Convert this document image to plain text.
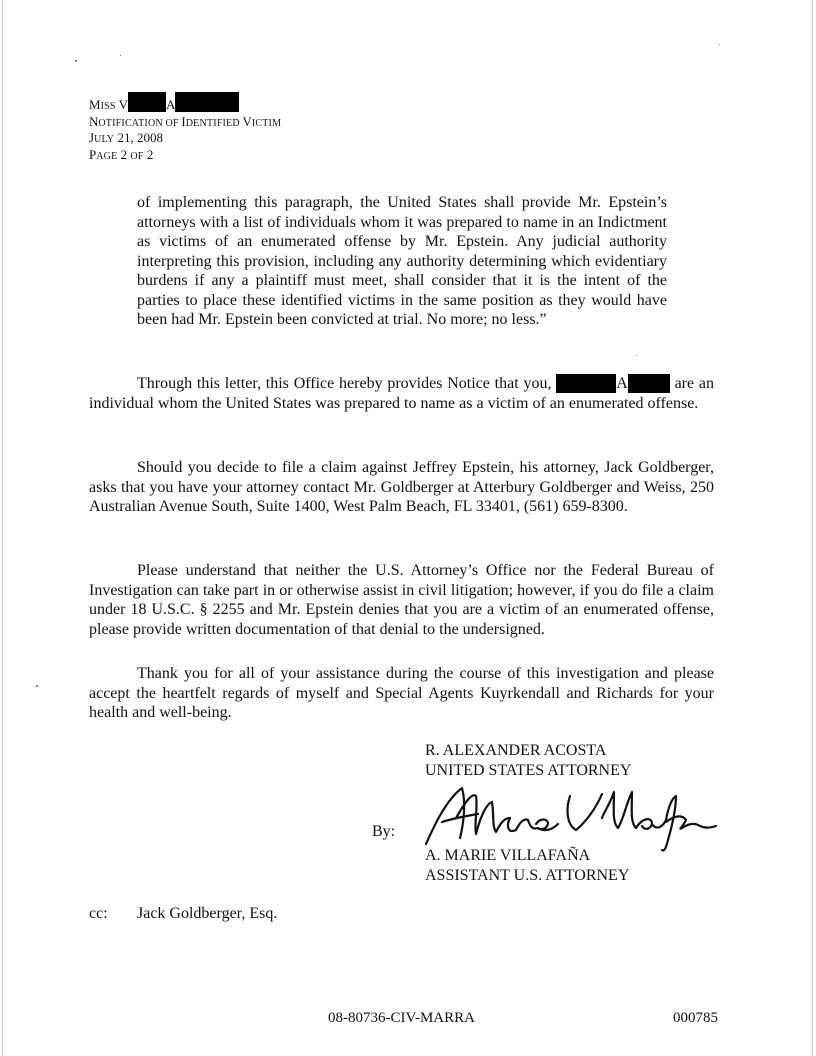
MISS V	A
NOTIFICATION OF IDENTIFIED VICTIM
JULY 21, 2008
PAGE 2 OF 2
of implementing this paragraph, the United States shall provide Mr. Epstein’s attorneys with a list of individuals whom it was prepared to name in an Indictment as victims of an enumerated offense by Mr. Epstein. Any judicial authority interpreting this provision, including any authority determining which evidentiary burdens if any a plaintiff must meet, shall consider that it is the intent of the parties to place these identified victims in the same position as they would have been had Mr. Epstein been convicted at trial. No more; no less.”
Through this letter, this Office hereby provides Notice that you,	A	are an individual whom the United States was prepared to name as a victim of an enumerated offense.
Should you decide to file a claim against Jeffrey Epstein, his attorney, Jack Goldberger, asks that you have your attorney contact Mr. Goldberger at Atterbury Goldberger and Weiss, 250 Australian Avenue South, Suite 1400, West Palm Beach, FL 33401, (561) 659-8300.
Please understand that neither the U.S. Attorney’s Office nor the Federal Bureau of Investigation can take part in or otherwise assist in civil litigation; however, if you do file a claim under 18 U.S.C. § 2255 and Mr. Epstein denies that you are a victim of an enumerated offense, please provide written documentation of that denial to the undersigned.
Thank you for all of your assistance during the course of this investigation and please accept the heartfelt regards of myself and Special Agents Kuyrkendall and Richards for your health and well-being.
R. ALEXANDER ACOSTA
UNITED STATES ATTORNEY
By:
A. MARIE VILLAFAÑA
ASSISTANT U.S. ATTORNEY
cc: Jack Goldberger, Esq.
08-80736-CIV-MARRA	000785
